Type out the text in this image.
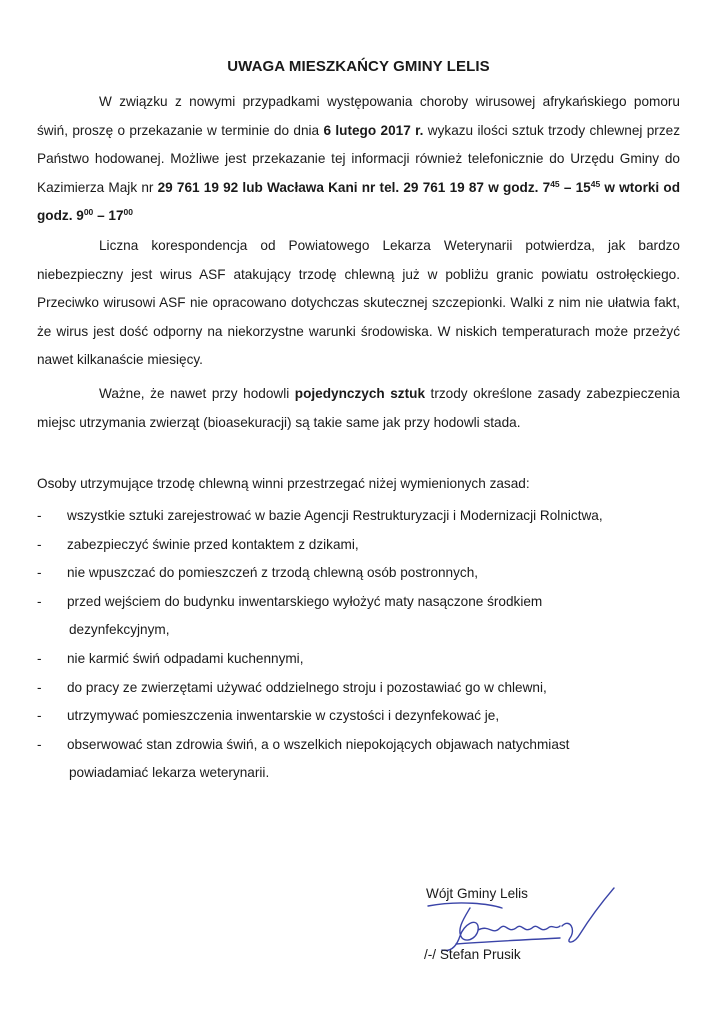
UWAGA MIESZKAŃCY GMINY LELIS

W związku z nowymi przypadkami występowania choroby wirusowej afrykańskiego pomoru świń, proszę o przekazanie w terminie do dnia 6 lutego 2017 r. wykazu ilości sztuk trzody chlewnej przez Państwo hodowanej. Możliwe jest przekazanie tej informacji również telefonicznie do Urzędu Gminy do Kazimierza Majk nr 29 761 19 92 lub Wacława Kani nr tel. 29 761 19 87 w godz. $7^{45} - 15^{45}$ w wtorki od godz. $9^{00} - 17^{00}$

Liczna korespondencja od Powiatowego Lekarza Weterynarii potwierdza, jak bardzo niebezpieczny jest wirus ASF atakujący trzodę chlewną już w pobliżu granic powiatu ostrołęckiego. Przeciwko wirusowi ASF nie opracowano dotychczas skutecznej szczepionki. Walki z nim nie ułatwia fakt, że wirus jest dość odporny na niekorzystne warunki środowiska. W niskich temperaturach może przeżyć nawet kilkanaście miesięcy.

Ważne, że nawet przy hodowli pojedynczych sztuk trzody określone zasady zabezpieczenia miejsc utrzymania zwierząt (bioasekuracji) są takie same jak przy hodowli stada.

Osoby utrzymujące trzodę chlewną winni przestrzegać niżej wymienionych zasad:

- wszystkie sztuki zarejestrować w bazie Agencji Restrukturyzacji i Modernizacji Rolnictwa,
- zabezpieczyć świnie przed kontaktem z dzikami,
- nie wpuszczać do pomieszczeń z trzodą chlewną osób postronnych,
- przed wejściem do budynku inwentarskiego wyłożyć maty nasączone środkiem
dezynfekcyjnym,
- nie karmić świń odpadami kuchennymi,
- do pracy ze zwierzętami używać oddzielnego stroju i pozostawiać go w chlewni,
- utrzymywać pomieszczenia inwentarskie w czystości i dezynfekować je,
- obserwować stan zdrowia świń, a o wszelkich niepokojących objawach natychmiast
powiadamiać lekarza weterynarii.
Wójt Gminy Lelis
/-/ Stefan Prusik
